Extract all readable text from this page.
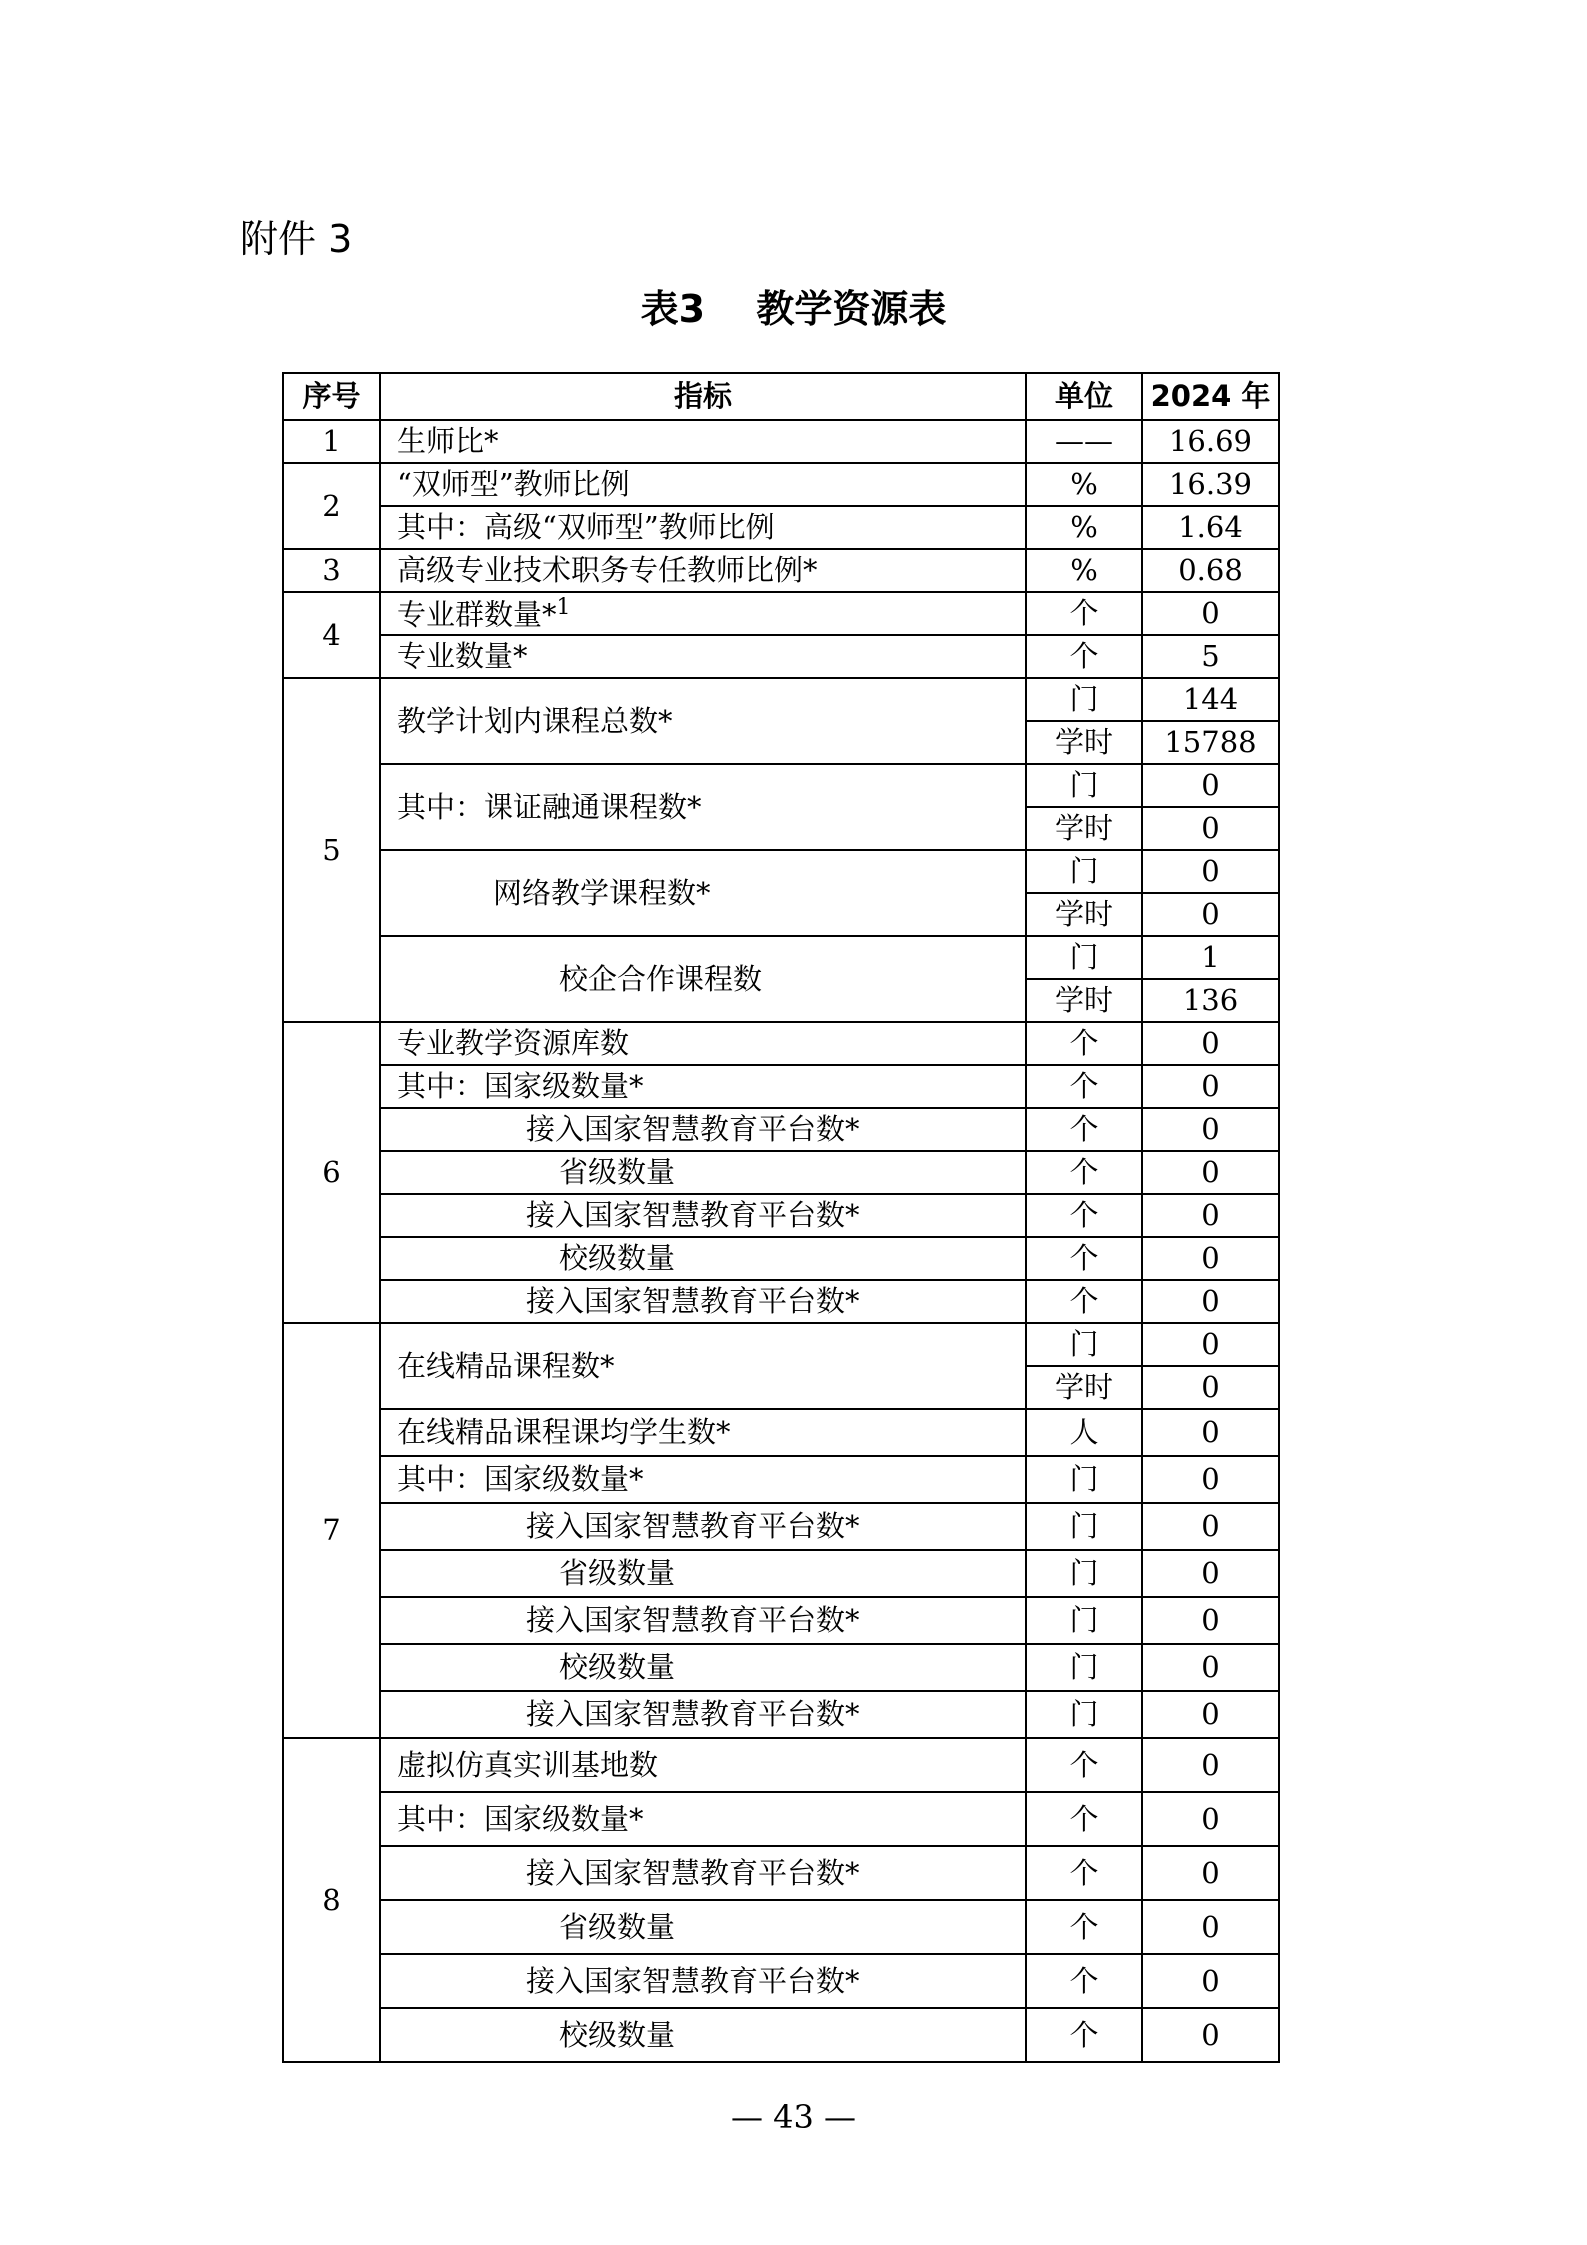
附件 3
表3　 教学资源表
序号	指标	单位	2024 年
1	生师比*	——	16.69
2	“双师型”教师比例	%	16.39
	其中：高级“双师型”教师比例	%	1.64
3	高级专业技术职务专任教师比例*	%	0.68
4	专业群数量*$^1$	个	0
	专业数量*	个	5
5	教学计划内课程总数*	门	144
		学时	15788
	其中：课证融通课程数*	门	0
		学时	0
	网络教学课程数*	门	0
		学时	0
	校企合作课程数	门	1
		学时	136
6	专业教学资源库数	个	0
	其中：国家级数量*	个	0
	接入国家智慧教育平台数*	个	0
	省级数量	个	0
	接入国家智慧教育平台数*	个	0
	校级数量	个	0
	接入国家智慧教育平台数*	个	0
7	在线精品课程数*	门	0
		学时	0
	在线精品课程课均学生数*	人	0
	其中：国家级数量*	门	0
	接入国家智慧教育平台数*	门	0
	省级数量	门	0
	接入国家智慧教育平台数*	门	0
	校级数量	门	0
	接入国家智慧教育平台数*	门	0
8	虚拟仿真实训基地数	个	0
	其中：国家级数量*	个	0
	接入国家智慧教育平台数*	个	0
	省级数量	个	0
	接入国家智慧教育平台数*	个	0
	校级数量	个	0
— 43 —
